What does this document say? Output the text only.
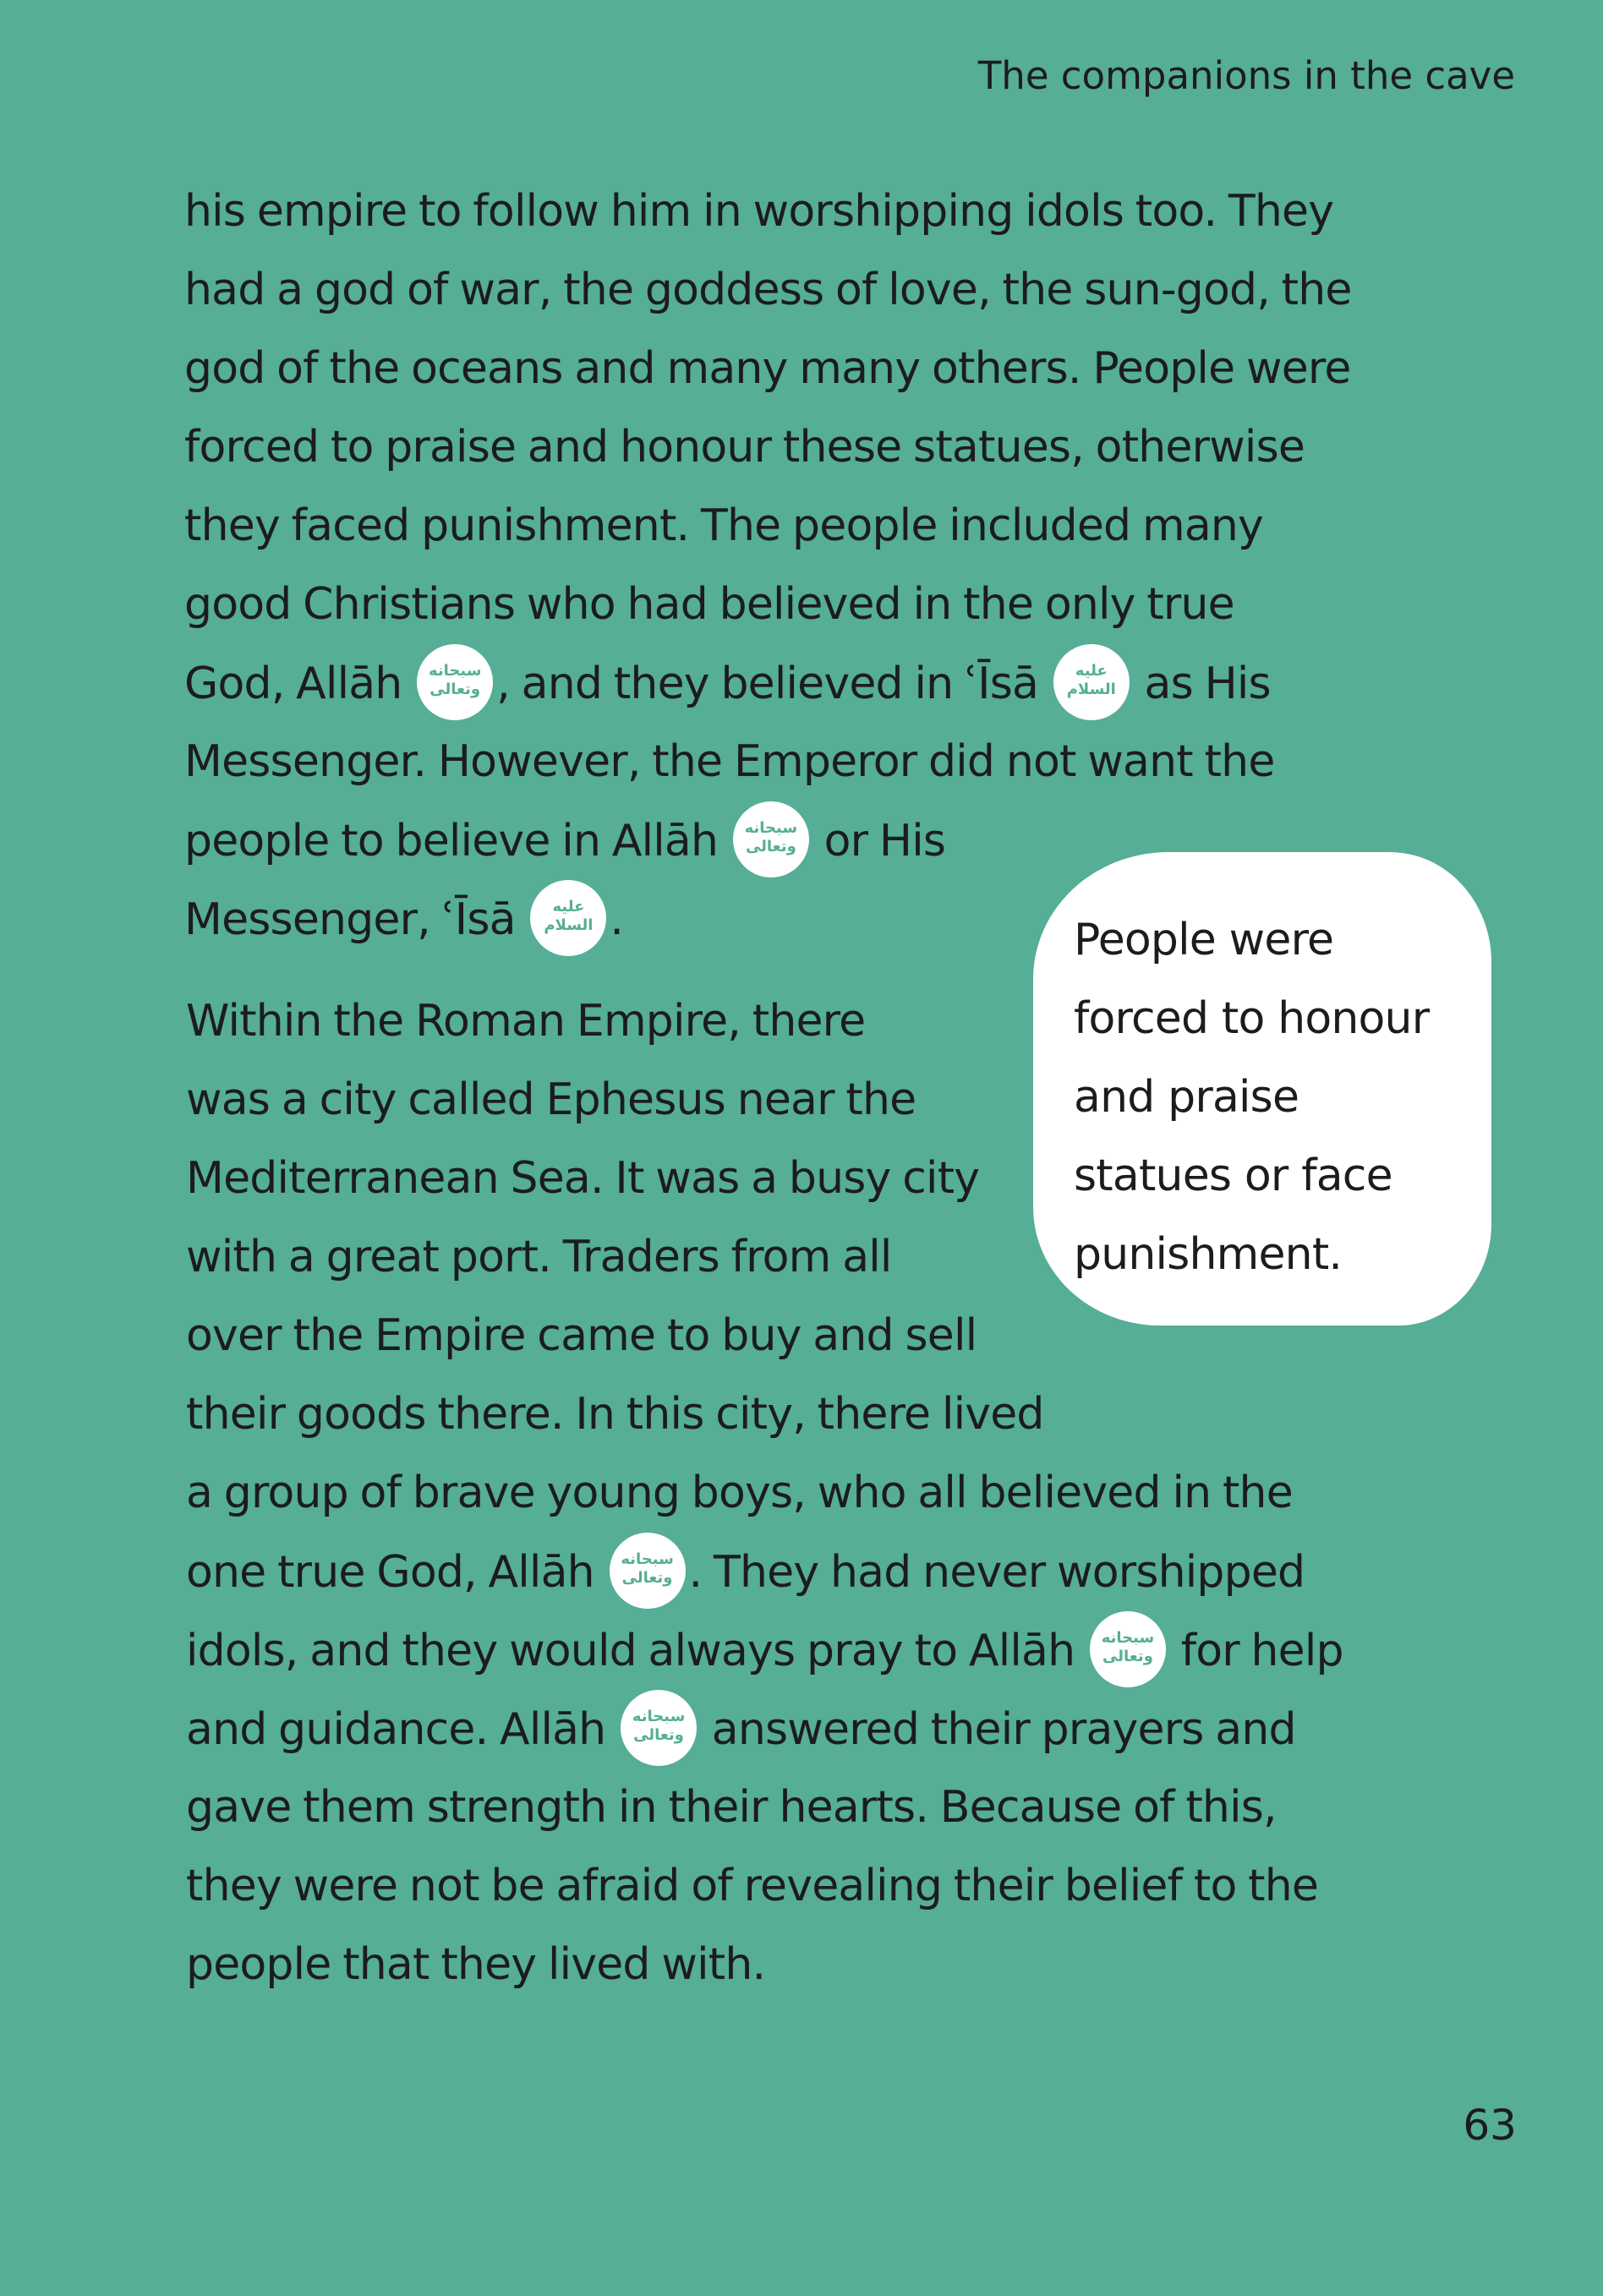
The companions in the cave

his empire to follow him in worshipping idols too. They
had a god of war, the goddess of love, the sun-god, the
god of the oceans and many many others. People were
forced to praise and honour these statues, otherwise
they faced punishment. The people included many
good Christians who had believed in the only true
God, Allāh سبحانه
وتعالى , and they believed in ʿĪsā	عليه
السلام as His
Messenger. However, the Emperor did not want the
people to believe in Allāh سبحانه
وتعالى or His
Messenger, ʿĪsā	عليه
السلام .

Within the Roman Empire, there
was a city called Ephesus near the
Mediterranean Sea. It was a busy city
with a great port. Traders from all
over the Empire came to buy and sell
their goods there. In this city, there lived
a group of brave young boys, who all believed in the
one true God, Allāh سبحانه
وتعالى . They had never worshipped
idols, and they would always pray to Allāh سبحانه
وتعالى for help
and guidance. Allāh سبحانه
وتعالى answered their prayers and
gave them strength in their hearts. Because of this,
they were not be afraid of revealing their belief to the
people that they lived with.

People were
forced to honour
and praise
statues or face
punishment.
63
